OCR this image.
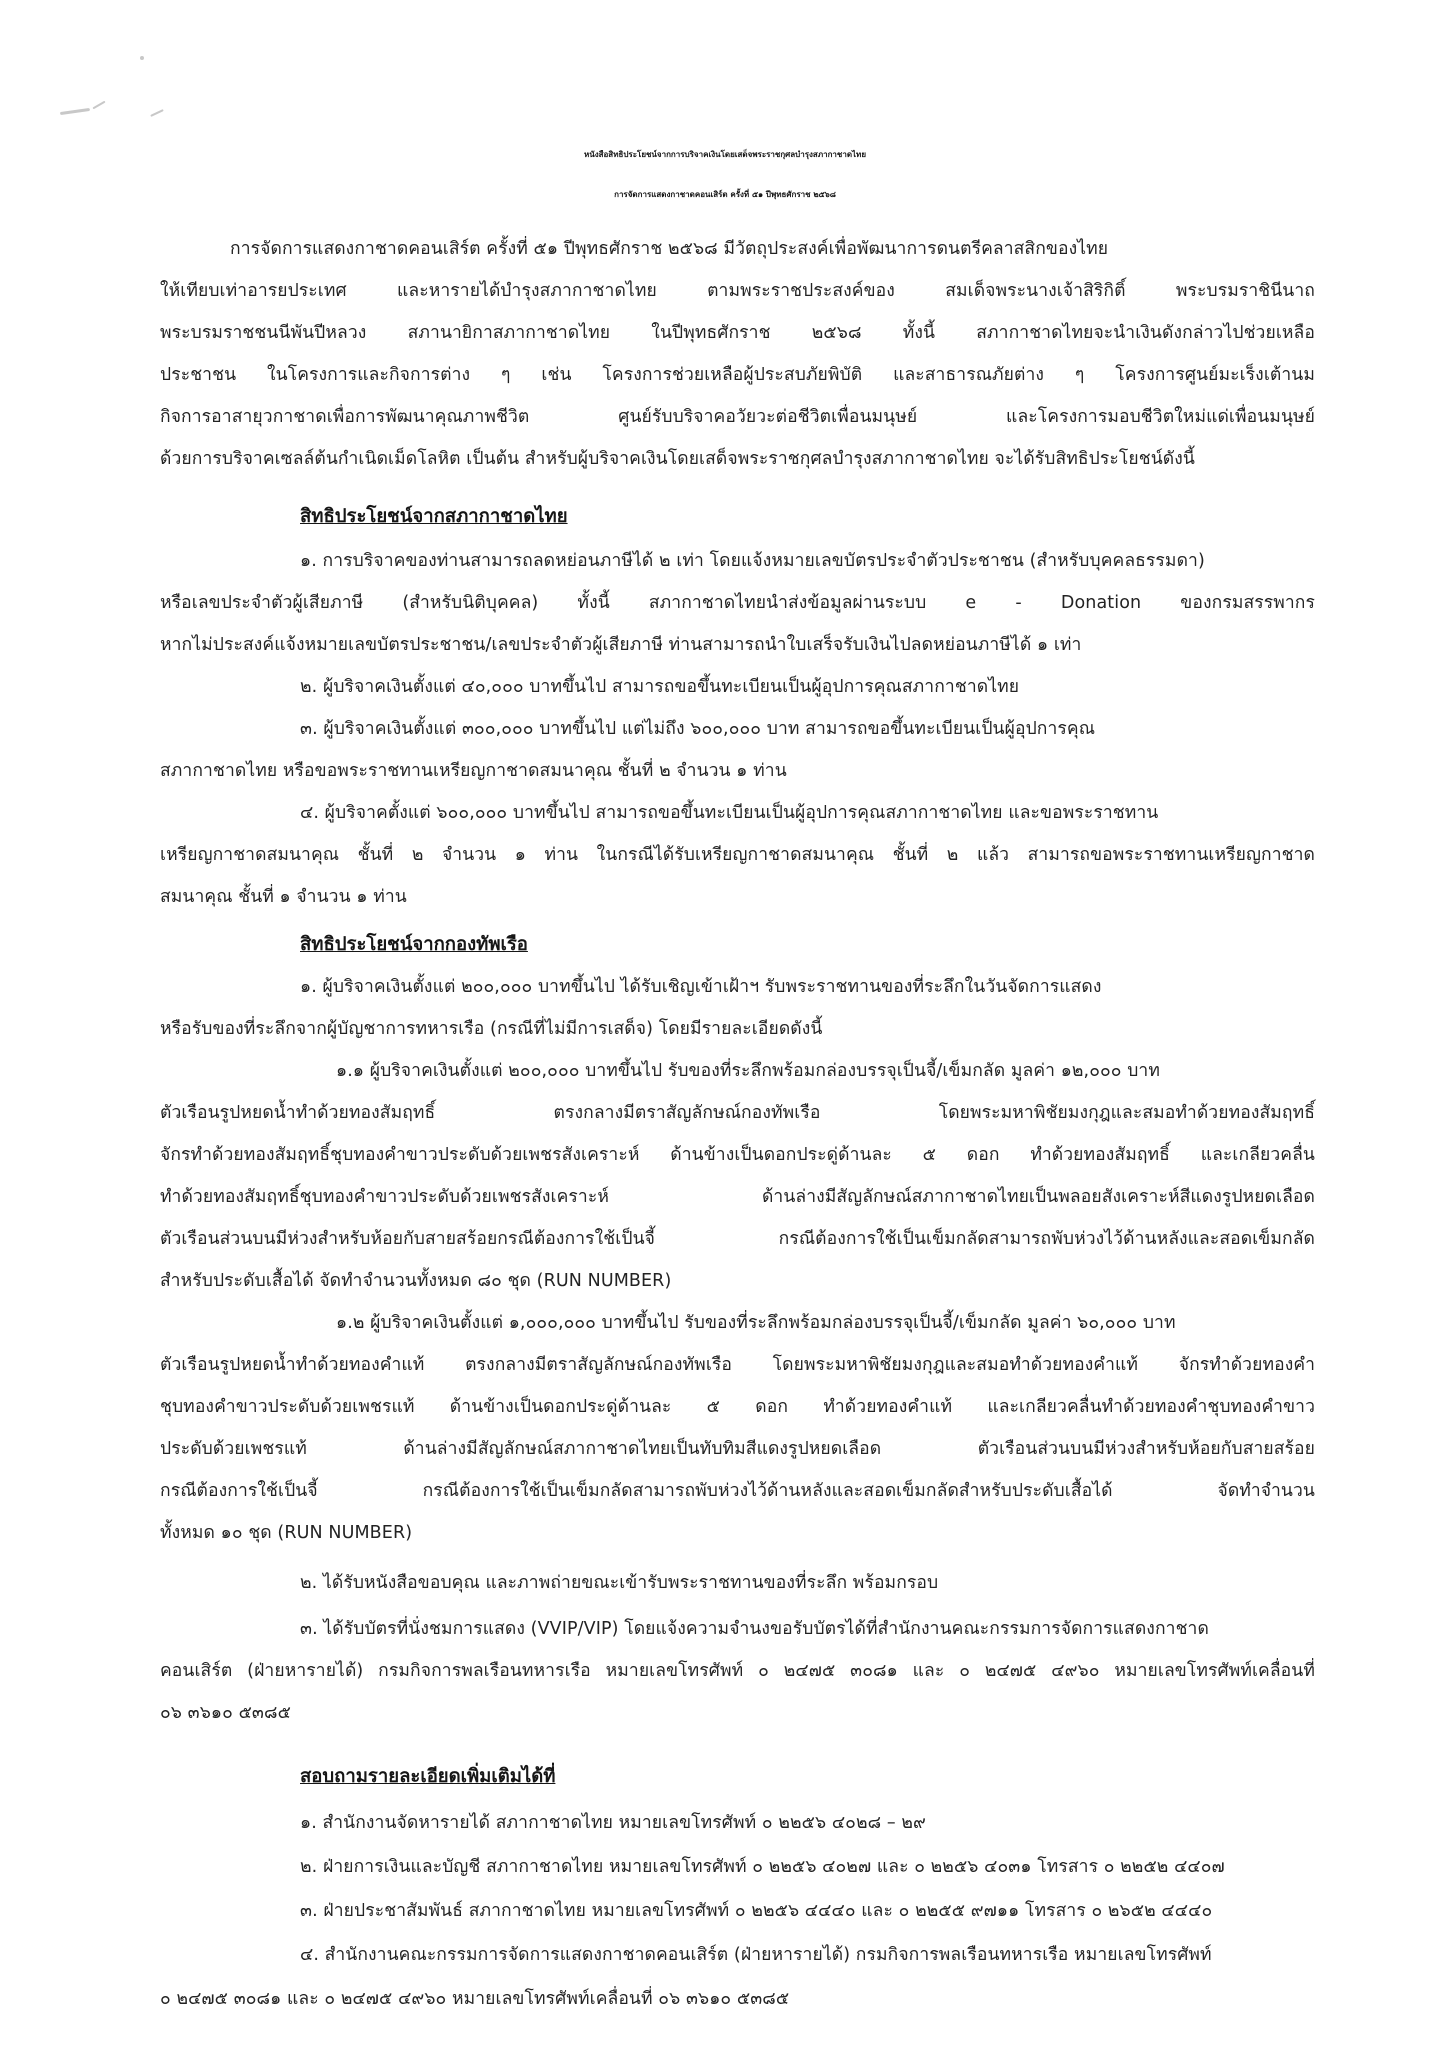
หนังสือสิทธิประโยชน์จากการบริจาคเงินโดยเสด็จพระราชกุศลบำรุงสภากาชาดไทย
การจัดการแสดงกาชาดคอนเสิร์ต ครั้งที่ ๕๑ ปีพุทธศักราช ๒๕๖๘
การจัดการแสดงกาชาดคอนเสิร์ต ครั้งที่ ๕๑ ปีพุทธศักราช ๒๕๖๘ มีวัตถุประสงค์เพื่อพัฒนาการดนตรีคลาสสิกของไทย
ให้เทียบเท่าอารยประเทศ และหารายได้บำรุงสภากาชาดไทย ตามพระราชประสงค์ของ สมเด็จพระนางเจ้าสิริกิติ์ พระบรมราชินีนาถ
พระบรมราชชนนีพันปีหลวง สภานายิกาสภากาชาดไทย ในปีพุทธศักราช ๒๕๖๘ ทั้งนี้ สภากาชาดไทยจะนำเงินดังกล่าวไปช่วยเหลือ
ประชาชน ในโครงการและกิจการต่าง ๆ เช่น โครงการช่วยเหลือผู้ประสบภัยพิบัติ และสาธารณภัยต่าง ๆ โครงการศูนย์มะเร็งเต้านม
กิจการอาสายุวกาชาดเพื่อการพัฒนาคุณภาพชีวิต ศูนย์รับบริจาคอวัยวะต่อชีวิตเพื่อนมนุษย์ และโครงการมอบชีวิตใหม่แด่เพื่อนมนุษย์
ด้วยการบริจาคเซลล์ต้นกำเนิดเม็ดโลหิต เป็นต้น สำหรับผู้บริจาคเงินโดยเสด็จพระราชกุศลบำรุงสภากาชาดไทย จะได้รับสิทธิประโยชน์ดังนี้
สิทธิประโยชน์จากสภากาชาดไทย
๑. การบริจาคของท่านสามารถลดหย่อนภาษีได้ ๒ เท่า โดยแจ้งหมายเลขบัตรประจำตัวประชาชน (สำหรับบุคคลธรรมดา)
หรือเลขประจำตัวผู้เสียภาษี (สำหรับนิติบุคคล) ทั้งนี้ สภากาชาดไทยนำส่งข้อมูลผ่านระบบ e - Donation ของกรมสรรพากร
หากไม่ประสงค์แจ้งหมายเลขบัตรประชาชน/เลขประจำตัวผู้เสียภาษี ท่านสามารถนำใบเสร็จรับเงินไปลดหย่อนภาษีได้ ๑ เท่า
๒. ผู้บริจาคเงินตั้งแต่ ๔๐,๐๐๐ บาทขึ้นไป สามารถขอขึ้นทะเบียนเป็นผู้อุปการคุณสภากาชาดไทย
๓. ผู้บริจาคเงินตั้งแต่ ๓๐๐,๐๐๐ บาทขึ้นไป แต่ไม่ถึง ๖๐๐,๐๐๐ บาท สามารถขอขึ้นทะเบียนเป็นผู้อุปการคุณ
สภากาชาดไทย หรือขอพระราชทานเหรียญกาชาดสมนาคุณ ชั้นที่ ๒ จำนวน ๑ ท่าน
๔. ผู้บริจาคตั้งแต่ ๖๐๐,๐๐๐ บาทขึ้นไป สามารถขอขึ้นทะเบียนเป็นผู้อุปการคุณสภากาชาดไทย และขอพระราชทาน
เหรียญกาชาดสมนาคุณ ชั้นที่ ๒ จำนวน ๑ ท่าน ในกรณีได้รับเหรียญกาชาดสมนาคุณ ชั้นที่ ๒ แล้ว สามารถขอพระราชทานเหรียญกาชาด
สมนาคุณ ชั้นที่ ๑ จำนวน ๑ ท่าน
สิทธิประโยชน์จากกองทัพเรือ
๑. ผู้บริจาคเงินตั้งแต่ ๒๐๐,๐๐๐ บาทขึ้นไป ได้รับเชิญเข้าเฝ้าฯ รับพระราชทานของที่ระลึกในวันจัดการแสดง
หรือรับของที่ระลึกจากผู้บัญชาการทหารเรือ (กรณีที่ไม่มีการเสด็จ) โดยมีรายละเอียดดังนี้
๑.๑ ผู้บริจาคเงินตั้งแต่ ๒๐๐,๐๐๐ บาทขึ้นไป รับของที่ระลึกพร้อมกล่องบรรจุเป็นจี้/เข็มกลัด มูลค่า ๑๒,๐๐๐ บาท
ตัวเรือนรูปหยดน้ำทำด้วยทองสัมฤทธิ์ ตรงกลางมีตราสัญลักษณ์กองทัพเรือ โดยพระมหาพิชัยมงกุฎและสมอทำด้วยทองสัมฤทธิ์
จักรทำด้วยทองสัมฤทธิ์ชุบทองคำขาวประดับด้วยเพชรสังเคราะห์ ด้านข้างเป็นดอกประดู่ด้านละ ๕ ดอก ทำด้วยทองสัมฤทธิ์ และเกลียวคลื่น
ทำด้วยทองสัมฤทธิ์ชุบทองคำขาวประดับด้วยเพชรสังเคราะห์ ด้านล่างมีสัญลักษณ์สภากาชาดไทยเป็นพลอยสังเคราะห์สีแดงรูปหยดเลือด
ตัวเรือนส่วนบนมีห่วงสำหรับห้อยกับสายสร้อยกรณีต้องการใช้เป็นจี้ กรณีต้องการใช้เป็นเข็มกลัดสามารถพับห่วงไว้ด้านหลังและสอดเข็มกลัด
สำหรับประดับเสื้อได้ จัดทำจำนวนทั้งหมด ๘๐ ชุด (RUN NUMBER)
๑.๒ ผู้บริจาคเงินตั้งแต่ ๑,๐๐๐,๐๐๐ บาทขึ้นไป รับของที่ระลึกพร้อมกล่องบรรจุเป็นจี้/เข็มกลัด มูลค่า ๖๐,๐๐๐ บาท
ตัวเรือนรูปหยดน้ำทำด้วยทองคำแท้ ตรงกลางมีตราสัญลักษณ์กองทัพเรือ โดยพระมหาพิชัยมงกุฎและสมอทำด้วยทองคำแท้ จักรทำด้วยทองคำ
ชุบทองคำขาวประดับด้วยเพชรแท้ ด้านข้างเป็นดอกประดู่ด้านละ ๕ ดอก ทำด้วยทองคำแท้ และเกลียวคลื่นทำด้วยทองคำชุบทองคำขาว
ประดับด้วยเพชรแท้ ด้านล่างมีสัญลักษณ์สภากาชาดไทยเป็นทับทิมสีแดงรูปหยดเลือด ตัวเรือนส่วนบนมีห่วงสำหรับห้อยกับสายสร้อย
กรณีต้องการใช้เป็นจี้ กรณีต้องการใช้เป็นเข็มกลัดสามารถพับห่วงไว้ด้านหลังและสอดเข็มกลัดสำหรับประดับเสื้อได้ จัดทำจำนวน
ทั้งหมด ๑๐ ชุด (RUN NUMBER)
๒. ได้รับหนังสือขอบคุณ และภาพถ่ายขณะเข้ารับพระราชทานของที่ระลึก พร้อมกรอบ
๓. ได้รับบัตรที่นั่งชมการแสดง (VVIP/VIP) โดยแจ้งความจำนงขอรับบัตรได้ที่สำนักงานคณะกรรมการจัดการแสดงกาชาด
คอนเสิร์ต (ฝ่ายหารายได้) กรมกิจการพลเรือนทหารเรือ หมายเลขโทรศัพท์ ๐ ๒๔๗๕ ๓๐๘๑ และ ๐ ๒๔๗๕ ๔๙๖๐ หมายเลขโทรศัพท์เคลื่อนที่
๐๖ ๓๖๑๐ ๕๓๘๕
สอบถามรายละเอียดเพิ่มเติมได้ที่
๑. สำนักงานจัดหารายได้ สภากาชาดไทย หมายเลขโทรศัพท์ ๐ ๒๒๕๖ ๔๐๒๘ – ๒๙
๒. ฝ่ายการเงินและบัญชี สภากาชาดไทย หมายเลขโทรศัพท์ ๐ ๒๒๕๖ ๔๐๒๗ และ ๐ ๒๒๕๖ ๔๐๓๑ โทรสาร ๐ ๒๒๕๒ ๔๔๐๗
๓. ฝ่ายประชาสัมพันธ์ สภากาชาดไทย หมายเลขโทรศัพท์ ๐ ๒๒๕๖ ๔๔๔๐ และ ๐ ๒๒๕๕ ๙๗๑๑ โทรสาร ๐ ๒๖๕๒ ๔๔๔๐
๔. สำนักงานคณะกรรมการจัดการแสดงกาชาดคอนเสิร์ต (ฝ่ายหารายได้) กรมกิจการพลเรือนทหารเรือ หมายเลขโทรศัพท์
๐ ๒๔๗๕ ๓๐๘๑ และ ๐ ๒๔๗๕ ๔๙๖๐ หมายเลขโทรศัพท์เคลื่อนที่ ๐๖ ๓๖๑๐ ๕๓๘๕
